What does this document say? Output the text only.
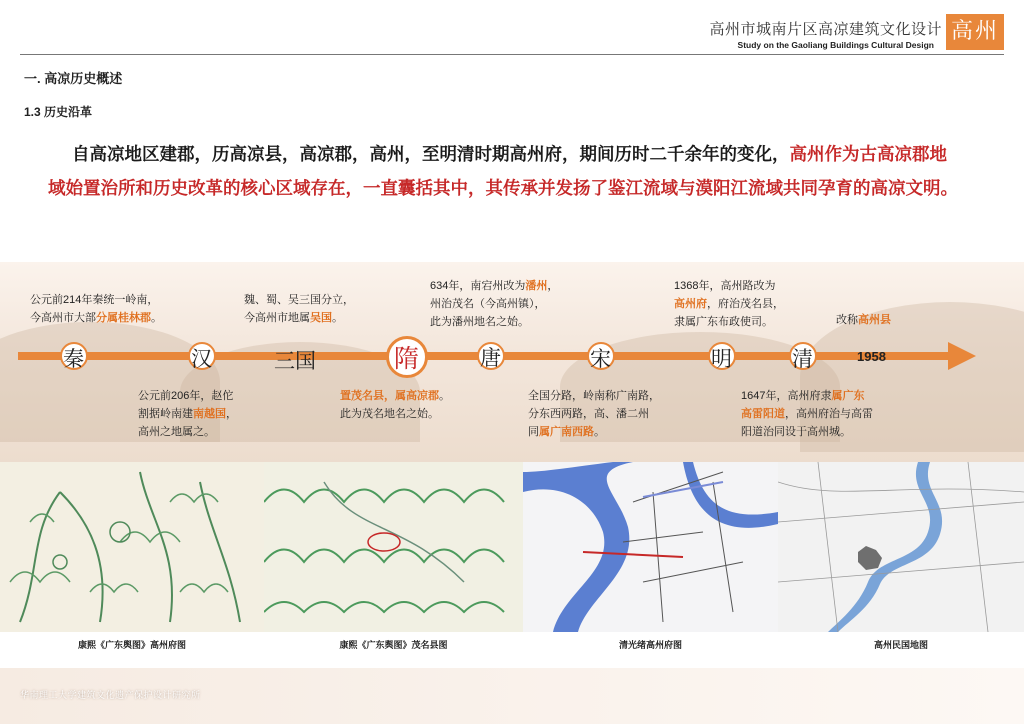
高州市城南片区高凉建筑文化设计
Study on the Gaoliang Buildings Cultural Design
高州
一. 高凉历史概述
1.3 历史沿革
自高凉地区建郡，历高凉县，高凉郡，高州，至明清时期高州府，期间历时二千余年的变化，高州作为古高凉郡地域始置治所和历史改革的核心区域存在，一直囊括其中，其传承并发扬了鉴江流域与漠阳江流域共同孕育的高凉文明。
秦	汉	三国	隋	唐	宋	明	清	1958
公元前214年秦统一岭南，
今高州市大部分属桂林郡。
魏、蜀、吴三国分立，
今高州市地属吴国。
634年，南宕州改为潘州，
州治茂名（今高州镇），
此为潘州地名之始。
1368年，高州路改为
高州府，府治茂名县，
隶属广东布政使司。	改称高州县
公元前206年，赵佗
割据岭南建南越国，
高州之地属之。
置茂名县，属高凉郡。
此为茂名地名之始。
全国分路，岭南称广南路，
分东西两路，高、潘二州
同属广南西路。
1647年，高州府隶属广东
高雷阳道，高州府治与高雷
阳道治同设于高州城。
康熙《广东舆图》高州府图	康熙《广东舆图》茂名县图	清光绪高州府图	高州民国地图
华南理工大学建筑文化遗产保护设计研究所
